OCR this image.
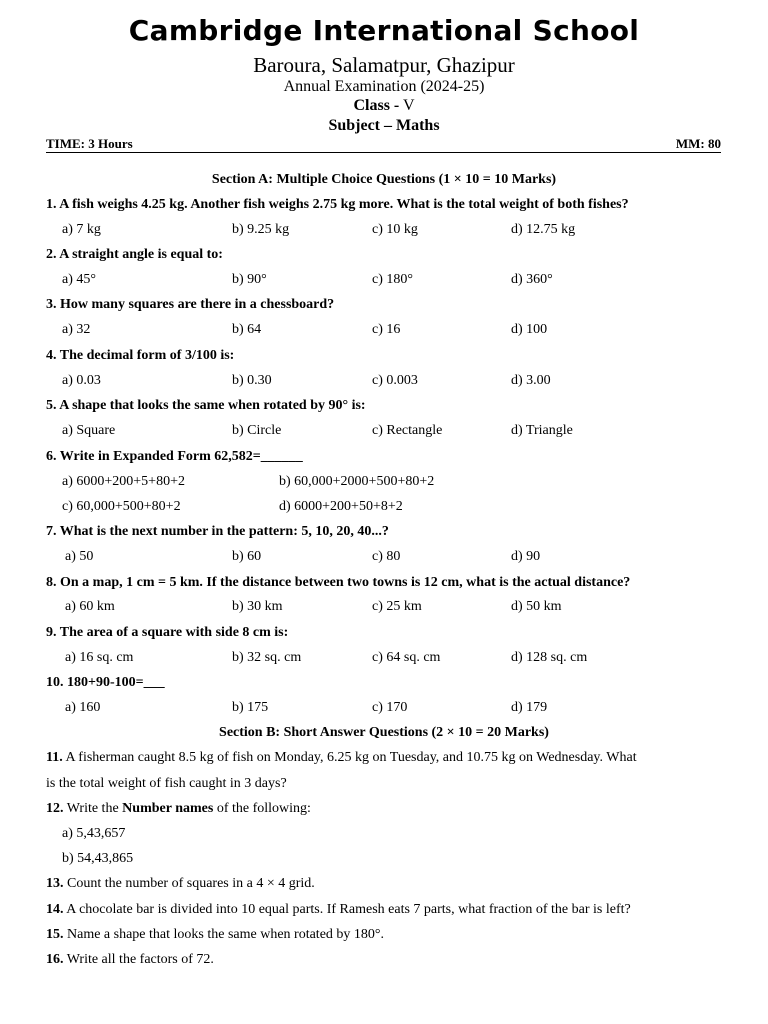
Cambridge International School
Baroura, Salamatpur, Ghazipur
Annual Examination (2024-25)
Class - V
Subject – Maths
TIME: 3 Hours	MM: 80
Section A: Multiple Choice Questions (1 × 10 = 10 Marks)
1. A fish weighs 4.25 kg. Another fish weighs 2.75 kg more. What is the total weight of both fishes?
a) 7 kg	b) 9.25 kg	c) 10 kg	d) 12.75 kg
2. A straight angle is equal to:
a) 45°	b) 90°	c) 180°	d) 360°
3. How many squares are there in a chessboard?
a) 32	b) 64	c) 16	d) 100
4. The decimal form of 3/100 is:
a) 0.03	b) 0.30	c) 0.003	d) 3.00
5. A shape that looks the same when rotated by 90° is:
a) Square	b) Circle	c) Rectangle	d) Triangle
6. Write in Expanded Form 62,582=______
a) 6000+200+5+80+2	b) 60,000+2000+500+80+2
c) 60,000+500+80+2	d) 6000+200+50+8+2
7. What is the next number in the pattern: 5, 10, 20, 40...?
a) 50	b) 60	c) 80	d) 90
8. On a map, 1 cm = 5 km. If the distance between two towns is 12 cm, what is the actual distance?
a) 60 km	b) 30 km	c) 25 km	d) 50 km
9. The area of a square with side 8 cm is:
a) 16 sq. cm	b) 32 sq. cm	c) 64 sq. cm	d) 128 sq. cm
10. 180+90-100=___
a) 160	b) 175	c) 170	d) 179
Section B: Short Answer Questions (2 × 10 = 20 Marks)
11. A fisherman caught 8.5 kg of fish on Monday, 6.25 kg on Tuesday, and 10.75 kg on Wednesday. What
is the total weight of fish caught in 3 days?
12. Write the Number names of the following:
a) 5,43,657
b) 54,43,865
13. Count the number of squares in a 4 × 4 grid.
14. A chocolate bar is divided into 10 equal parts. If Ramesh eats 7 parts, what fraction of the bar is left?
15. Name a shape that looks the same when rotated by 180°.
16. Write all the factors of 72.
